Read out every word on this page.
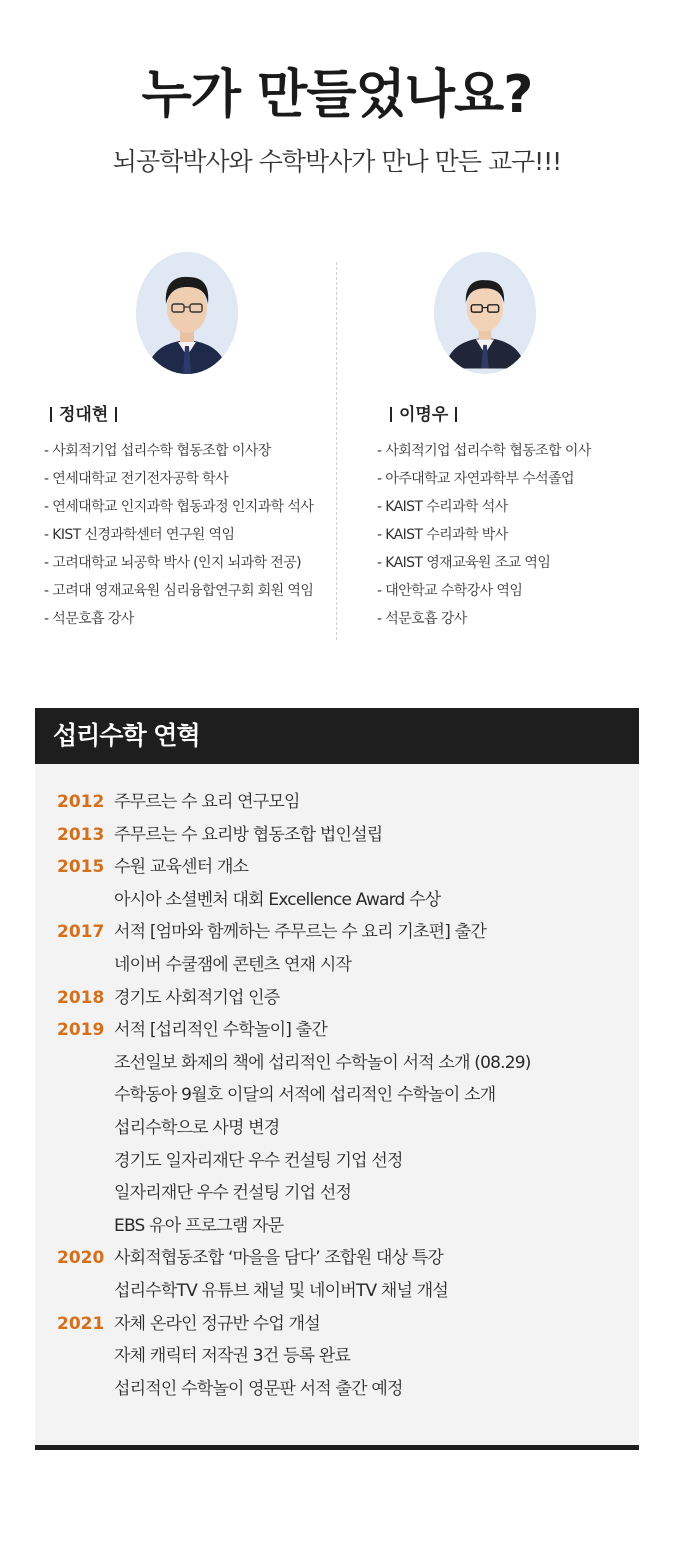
누가 만들었나요?

뇌공학박사와 수학박사가 만나 만든 교구!!!

정대현	이명우
- 사회적기업 섭리수학 협동조합 이사장
- 연세대학교 전기전자공학 학사
- 연세대학교 인지과학 협동과정 인지과학 석사
- KIST 신경과학센터 연구원 역임
- 고려대학교 뇌공학 박사 (인지 뇌과학 전공)
- 고려대 영재교육원 심리융합연구회 회원 역임
- 석문호흡 강사
- 사회적기업 섭리수학 협동조합 이사
- 아주대학교 자연과학부 수석졸업
- KAIST 수리과학 석사
- KAIST 수리과학 박사
- KAIST 영재교육원 조교 역임
- 대안학교 수학강사 역임
- 석문호흡 강사
섭리수학 연혁
2012 주무르는 수 요리 연구모임
2013 주무르는 수 요리방 협동조합 법인설립
2015 수원 교육센터 개소
아시아 소셜벤처 대회 Excellence Award 수상
2017 서적 [엄마와 함께하는 주무르는 수 요리 기초편] 출간
네이버 수쿨잼에 콘텐츠 연재 시작
2018 경기도 사회적기업 인증
2019 서적 [섭리적인 수학놀이] 출간
조선일보 화제의 책에 섭리적인 수학놀이 서적 소개 (08.29)
수학동아 9월호 이달의 서적에 섭리적인 수학놀이 소개
섭리수학으로 사명 변경
경기도 일자리재단 우수 컨설팅 기업 선정
일자리재단 우수 컨설팅 기업 선정
EBS 유아 프로그램 자문
2020 사회적협동조합 ‘마을을 담다’ 조합원 대상 특강
섭리수학TV 유튜브 채널 및 네이버TV 채널 개설
2021 자체 온라인 정규반 수업 개설
자체 캐릭터 저작권 3건 등록 완료
섭리적인 수학놀이 영문판 서적 출간 예정
